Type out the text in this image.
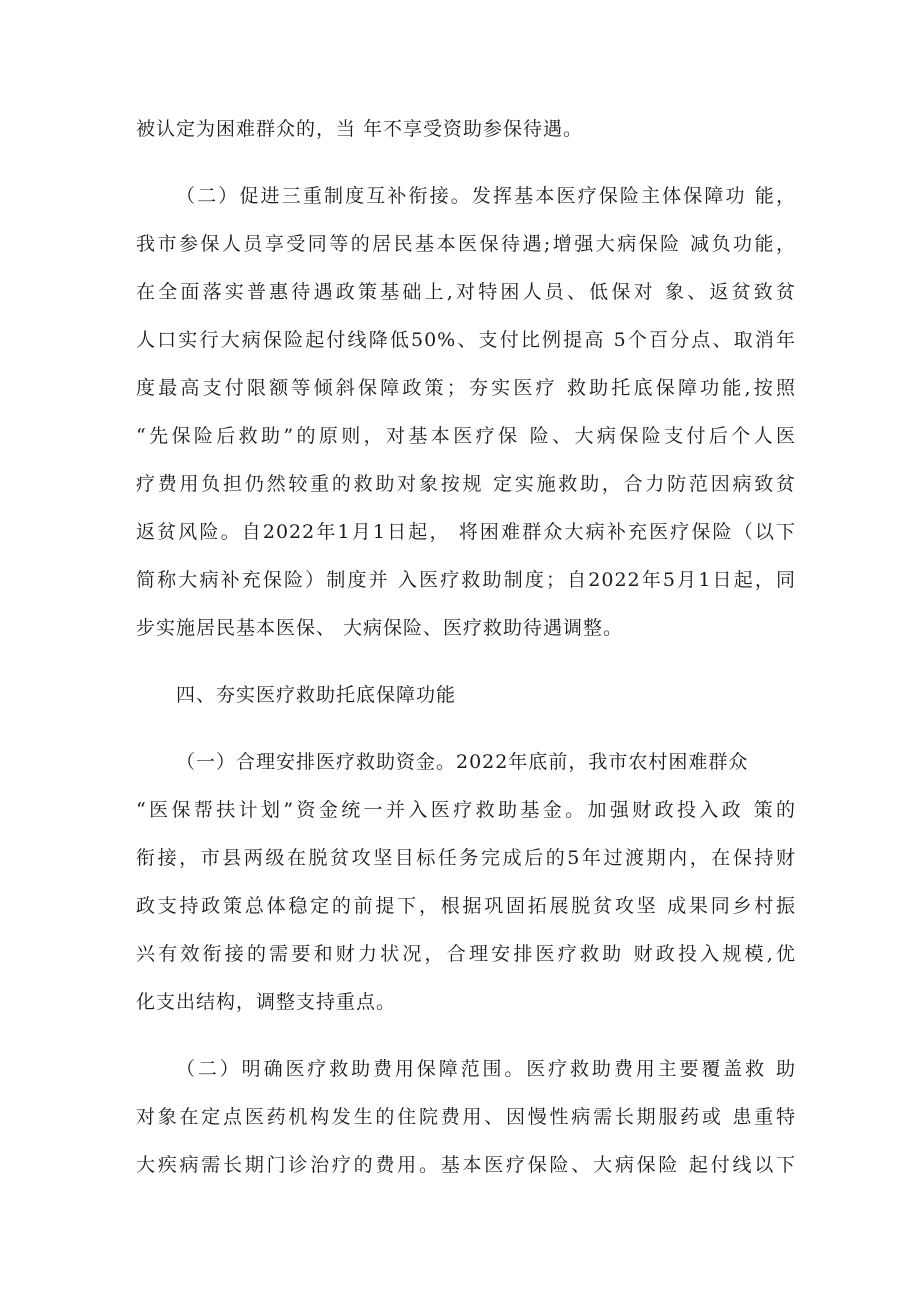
被认定为困难群众的，当 年不享受资助参保待遇。
（二）促进三重制度互补衔接。发挥基本医疗保险主体保障功 能，
我市参保人员享受同等的居民基本医保待遇;增强大病保险 减负功能，
在全面落实普惠待遇政策基础上,对特困人员、低保对 象、返贫致贫
人口实行大病保险起付线降低50%、支付比例提高 5个百分点、取消年
度最高支付限额等倾斜保障政策；夯实医疗 救助托底保障功能,按照
“先保险后救助”的原则，对基本医疗保 险、大病保险支付后个人医
疗费用负担仍然较重的救助对象按规 定实施救助，合力防范因病致贫
返贫风险。自2022年1月1日起， 将困难群众大病补充医疗保险（以下
简称大病补充保险）制度并 入医疗救助制度；自2022年5月1日起，同
步实施居民基本医保、 大病保险、医疗救助待遇调整。
四、夯实医疗救助托底保障功能
（一）合理安排医疗救助资金。2022年底前，我市农村困难群众
“医保帮扶计划”资金统一并入医疗救助基金。加强财政投入政 策的
衔接，市县两级在脱贫攻坚目标任务完成后的5年过渡期内，在保持财
政支持政策总体稳定的前提下，根据巩固拓展脱贫攻坚 成果同乡村振
兴有效衔接的需要和财力状况，合理安排医疗救助 财政投入规模,优
化支出结构，调整支持重点。
（二）明确医疗救助费用保障范围。医疗救助费用主要覆盖救 助
对象在定点医药机构发生的住院费用、因慢性病需长期服药或 患重特
大疾病需长期门诊治疗的费用。基本医疗保险、大病保险 起付线以下
